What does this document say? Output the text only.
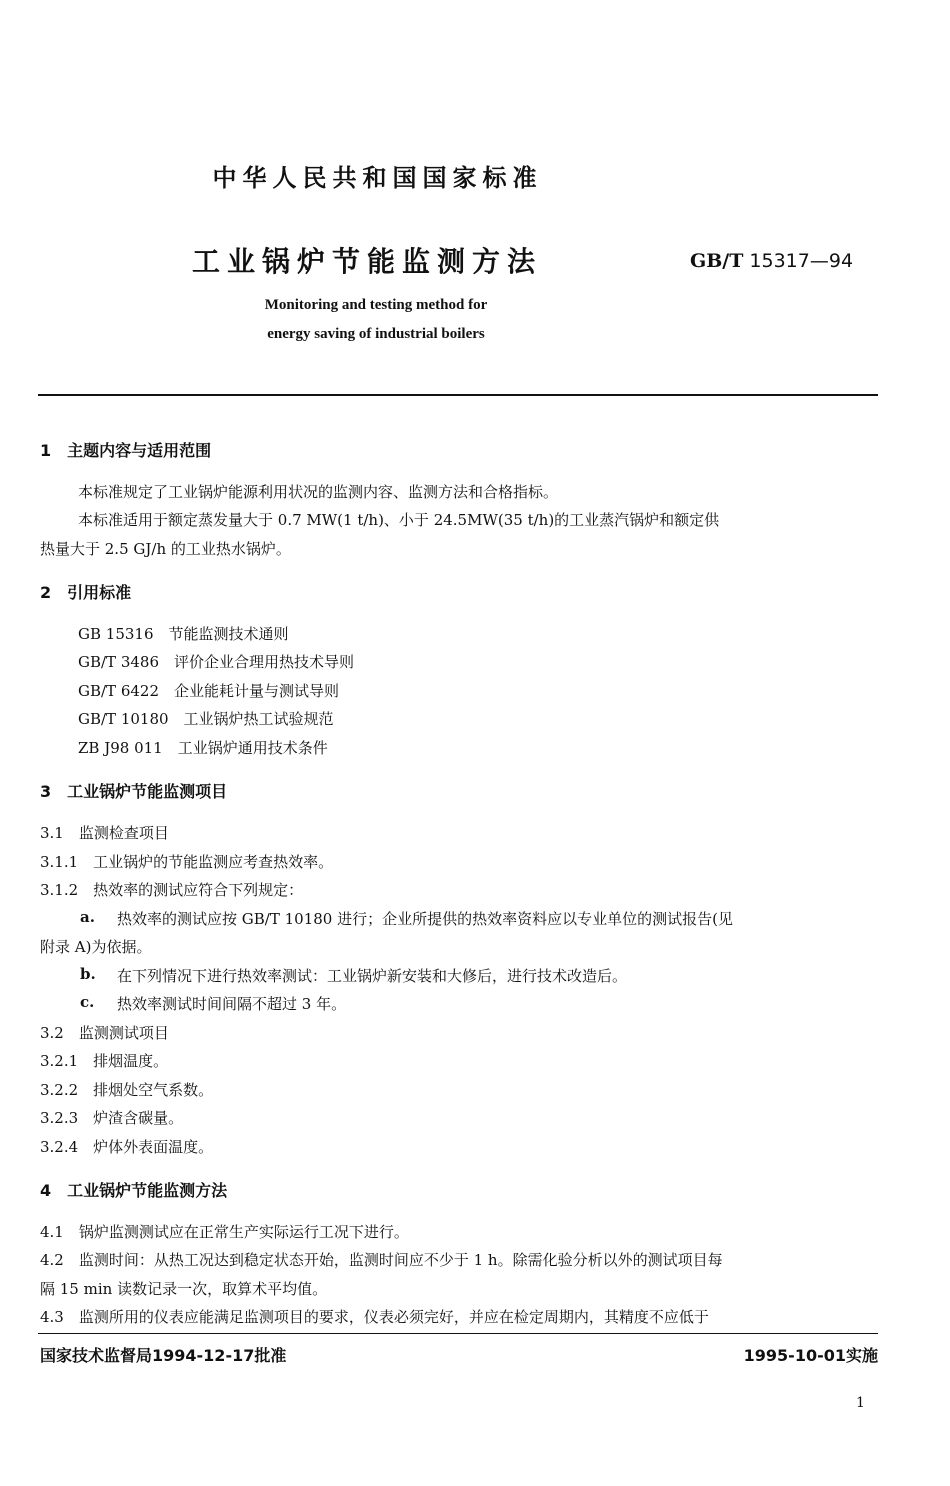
中华人民共和国国家标准
工业锅炉节能监测方法	GB/T 15317—94
Monitoring and testing method for
energy saving of industrial boilers
1　主题内容与适用范围
本标准规定了工业锅炉能源利用状况的监测内容、监测方法和合格指标。
本标准适用于额定蒸发量大于 0.7 MW(1 t/h)、小于 24.5MW(35 t/h)的工业蒸汽锅炉和额定供
热量大于 2.5 GJ/h 的工业热水锅炉。
2　引用标准
GB 15316　节能监测技术通则
GB/T 3486　评价企业合理用热技术导则
GB/T 6422　企业能耗计量与测试导则
GB/T 10180　工业锅炉热工试验规范
ZB J98 011　工业锅炉通用技术条件
3　工业锅炉节能监测项目
3.1　监测检查项目
3.1.1　工业锅炉的节能监测应考查热效率。
3.1.2　热效率的测试应符合下列规定：
a. 热效率的测试应按 GB/T 10180 进行；企业所提供的热效率资料应以专业单位的测试报告(见
附录 A)为依据。
b. 在下列情况下进行热效率测试：工业锅炉新安装和大修后，进行技术改造后。
c. 热效率测试时间间隔不超过 3 年。
3.2　监测测试项目
3.2.1　排烟温度。
3.2.2　排烟处空气系数。
3.2.3　炉渣含碳量。
3.2.4　炉体外表面温度。
4　工业锅炉节能监测方法
4.1　锅炉监测测试应在正常生产实际运行工况下进行。
4.2　监测时间：从热工况达到稳定状态开始，监测时间应不少于 1 h。除需化验分析以外的测试项目每
隔 15 min 读数记录一次，取算术平均值。
4.3　监测所用的仪表应能满足监测项目的要求，仪表必须完好，并应在检定周期内，其精度不应低于
国家技术监督局1994-12-17批准	1995-10-01实施
1
